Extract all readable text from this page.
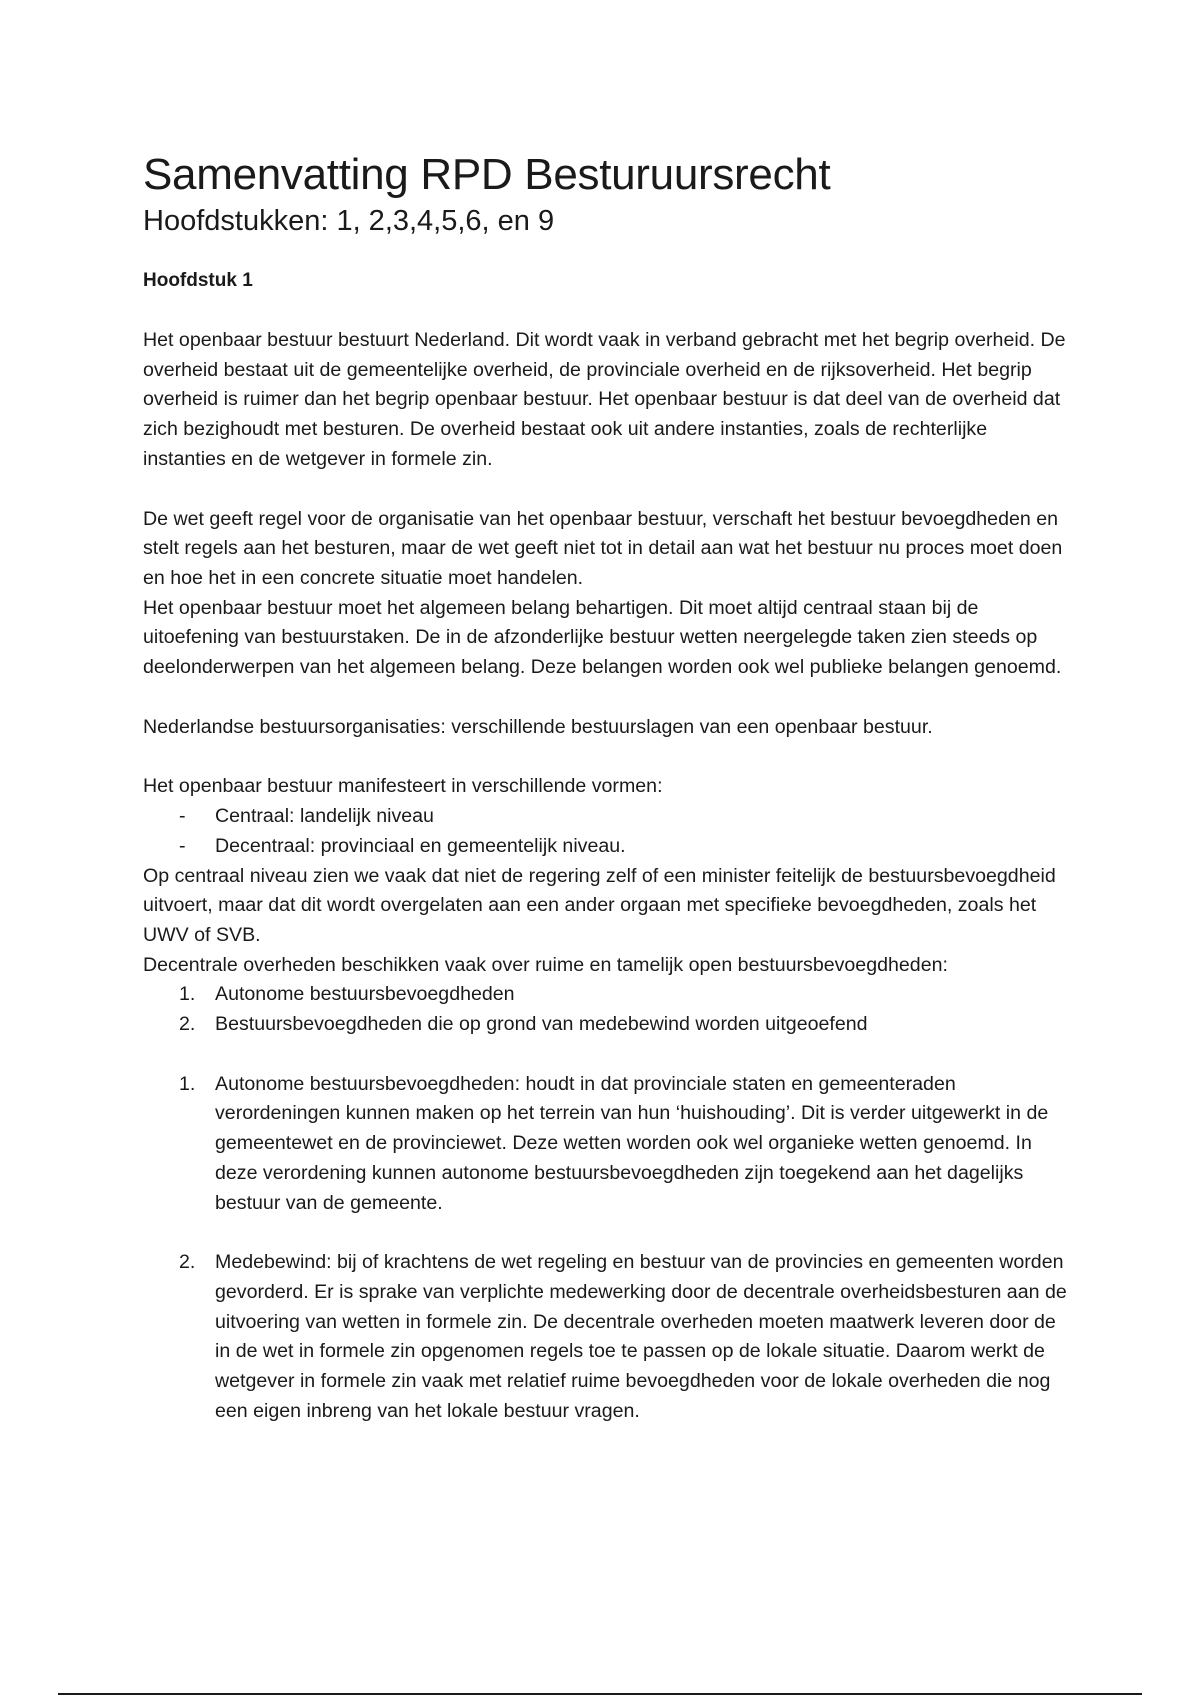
Samenvatting RPD Besturuursrecht
Hoofdstukken: 1, 2,3,4,5,6, en 9
Hoofdstuk 1

Het openbaar bestuur bestuurt Nederland. Dit wordt vaak in verband gebracht met het begrip overheid. De overheid bestaat uit de gemeentelijke overheid, de provinciale overheid en de rijksoverheid. Het begrip overheid is ruimer dan het begrip openbaar bestuur. Het openbaar bestuur is dat deel van de overheid dat zich bezighoudt met besturen. De overheid bestaat ook uit andere instanties, zoals de rechterlijke instanties en de wetgever in formele zin.

De wet geeft regel voor de organisatie van het openbaar bestuur, verschaft het bestuur bevoegdheden en stelt regels aan het besturen, maar de wet geeft niet tot in detail aan wat het bestuur nu proces moet doen en hoe het in een concrete situatie moet handelen.

Het openbaar bestuur moet het algemeen belang behartigen. Dit moet altijd centraal staan bij de uitoefening van bestuurstaken. De in de afzonderlijke bestuur wetten neergelegde taken zien steeds op deelonderwerpen van het algemeen belang. Deze belangen worden ook wel publieke belangen genoemd.

Nederlandse bestuursorganisaties: verschillende bestuurslagen van een openbaar bestuur.

Het openbaar bestuur manifesteert in verschillende vormen:

- Centraal: landelijk niveau
- Decentraal: provinciaal en gemeentelijk niveau.

Op centraal niveau zien we vaak dat niet de regering zelf of een minister feitelijk de bestuursbevoegdheid uitvoert, maar dat dit wordt overgelaten aan een ander orgaan met specifieke bevoegdheden, zoals het UWV of SVB.

Decentrale overheden beschikken vaak over ruime en tamelijk open bestuursbevoegdheden:

1. Autonome bestuursbevoegdheden
2. Bestuursbevoegdheden die op grond van medebewind worden uitgeoefend
1. Autonome bestuursbevoegdheden: houdt in dat provinciale staten en gemeenteraden verordeningen kunnen maken op het terrein van hun ‘huishouding’. Dit is verder uitgewerkt in de gemeentewet en de provinciewet. Deze wetten worden ook wel organieke wetten genoemd. In deze verordening kunnen autonome bestuursbevoegdheden zijn toegekend aan het dagelijks bestuur van de gemeente.
2. Medebewind: bij of krachtens de wet regeling en bestuur van de provincies en gemeenten worden gevorderd. Er is sprake van verplichte medewerking door de decentrale overheidsbesturen aan de uitvoering van wetten in formele zin. De decentrale overheden moeten maatwerk leveren door de in de wet in formele zin opgenomen regels toe te passen op de lokale situatie. Daarom werkt de wetgever in formele zin vaak met relatief ruime bevoegdheden voor de lokale overheden die nog een eigen inbreng van het lokale bestuur vragen.
